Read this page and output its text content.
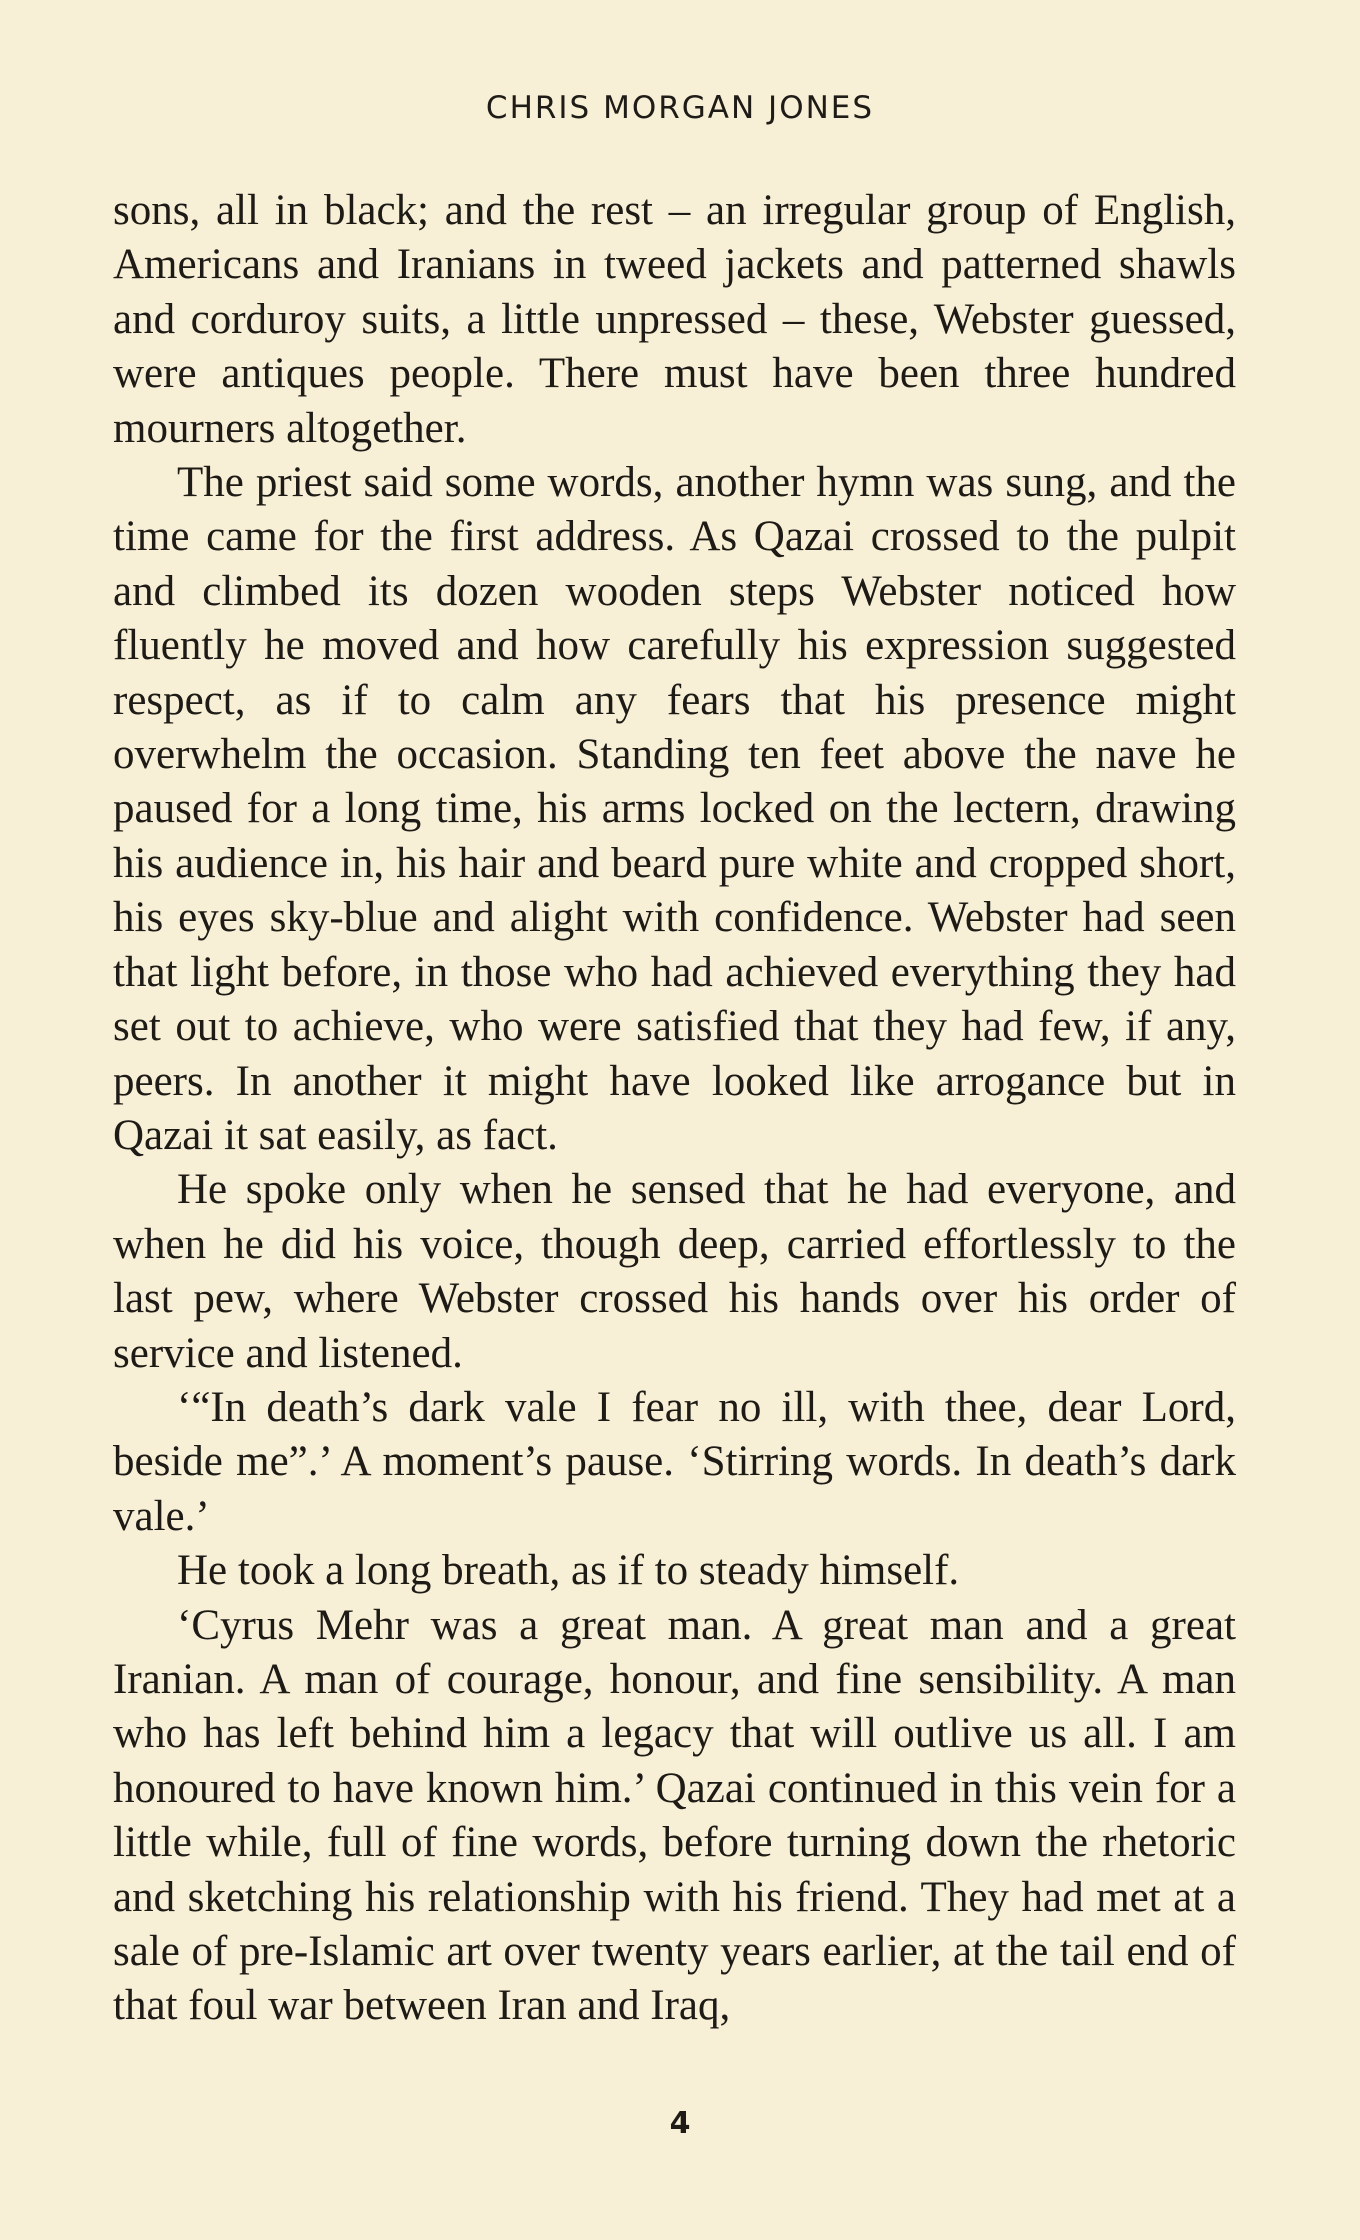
CHRIS MORGAN JONES

sons, all in black; and the rest – an irregular group of English, Americans and Iranians in tweed jackets and patterned shawls and corduroy suits, a little unpressed – these, Webster guessed, were antiques people. There must have been three hundred mourners altogether.

The priest said some words, another hymn was sung, and the time came for the first address. As Qazai crossed to the pulpit and climbed its dozen wooden steps Webster noticed how fluently he moved and how carefully his expression suggested respect, as if to calm any fears that his presence might overwhelm the occasion. Standing ten feet above the nave he paused for a long time, his arms locked on the lectern, drawing his audience in, his hair and beard pure white and cropped short, his eyes sky-blue and alight with confidence. Webster had seen that light before, in those who had achieved everything they had set out to achieve, who were satisfied that they had few, if any, peers. In another it might have looked like arrogance but in Qazai it sat easily, as fact.

He spoke only when he sensed that he had everyone, and when he did his voice, though deep, carried effortlessly to the last pew, where Webster crossed his hands over his order of service and listened.

‘“In death’s dark vale I fear no ill, with thee, dear Lord, beside me”.’ A moment’s pause. ‘Stirring words. In death’s dark vale.’

He took a long breath, as if to steady himself.

‘Cyrus Mehr was a great man. A great man and a great Iranian. A man of courage, honour, and fine sensibility. A man who has left behind him a legacy that will outlive us all. I am honoured to have known him.’ Qazai continued in this vein for a little while, full of fine words, before turning down the rhetoric and sketching his relationship with his friend. They had met at a sale of pre-Islamic art over twenty years earlier, at the tail end of that foul war between Iran and Iraq,

4
